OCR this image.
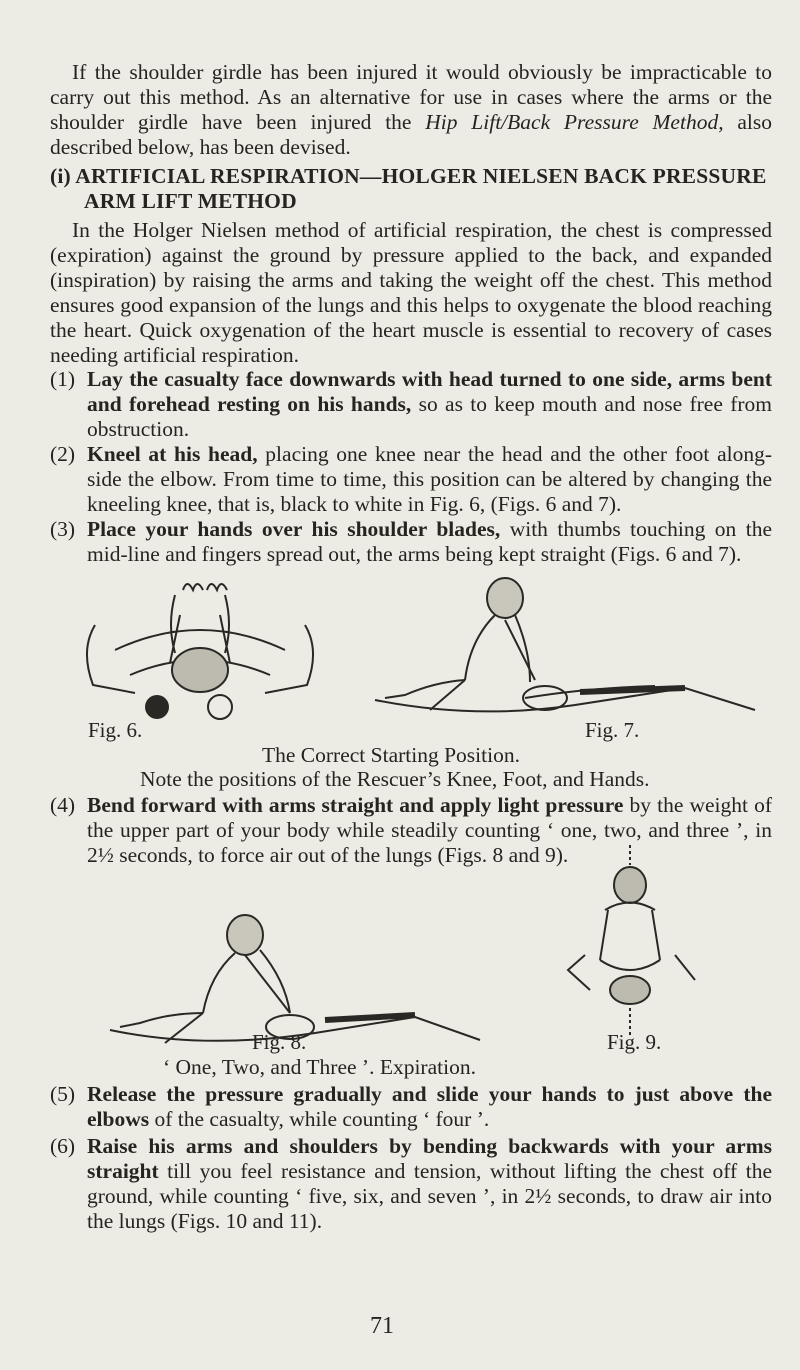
If the shoulder girdle has been injured it would obviously be impracticable to carry out this method. As an alternative for use in cases where the arms or the shoulder girdle have been injured the Hip Lift/Back Pressure Method, also described below, has been devised.

(i) ARTIFICIAL RESPIRATION—HOLGER NIELSEN BACK PRESSURE
ARM LIFT METHOD

In the Holger Nielsen method of artificial respiration, the chest is compressed (expiration) against the ground by pressure applied to the back, and expanded (inspiration) by raising the arms and taking the weight off the chest. This method ensures good expansion of the lungs and this helps to oxygenate the blood reaching the heart. Quick oxygenation of the heart muscle is essential to recovery of cases needing artificial respiration.

(1) Lay the casualty face downwards with head turned to one side, arms bent and forehead resting on his hands, so as to keep mouth and nose free from obstruction.
(2) Kneel at his head, placing one knee near the head and the other foot along-side the elbow. From time to time, this position can be altered by changing the kneeling knee, that is, black to white in Fig. 6, (Figs. 6 and 7).
(3) Place your hands over his shoulder blades, with thumbs touching on the mid-line and fingers spread out, the arms being kept straight (Figs. 6 and 7).
Fig. 6.	Fig. 7.
The Correct Starting Position.
Note the positions of the Rescuer’s Knee, Foot, and Hands.
(4) Bend forward with arms straight and apply light pressure by the weight of the upper part of your body while steadily counting ‘ one, two, and three ’, in 2½ seconds, to force air out of the lungs (Figs. 8 and 9).
Fig. 8.	Fig. 9.
‘ One, Two, and Three ’. Expiration.
(5) Release the pressure gradually and slide your hands to just above the elbows of the casualty, while counting ‘ four ’.
(6) Raise his arms and shoulders by bending backwards with your arms straight till you feel resistance and tension, without lifting the chest off the ground, while counting ‘ five, six, and seven ’, in 2½ seconds, to draw air into the lungs (Figs. 10 and 11).
71
